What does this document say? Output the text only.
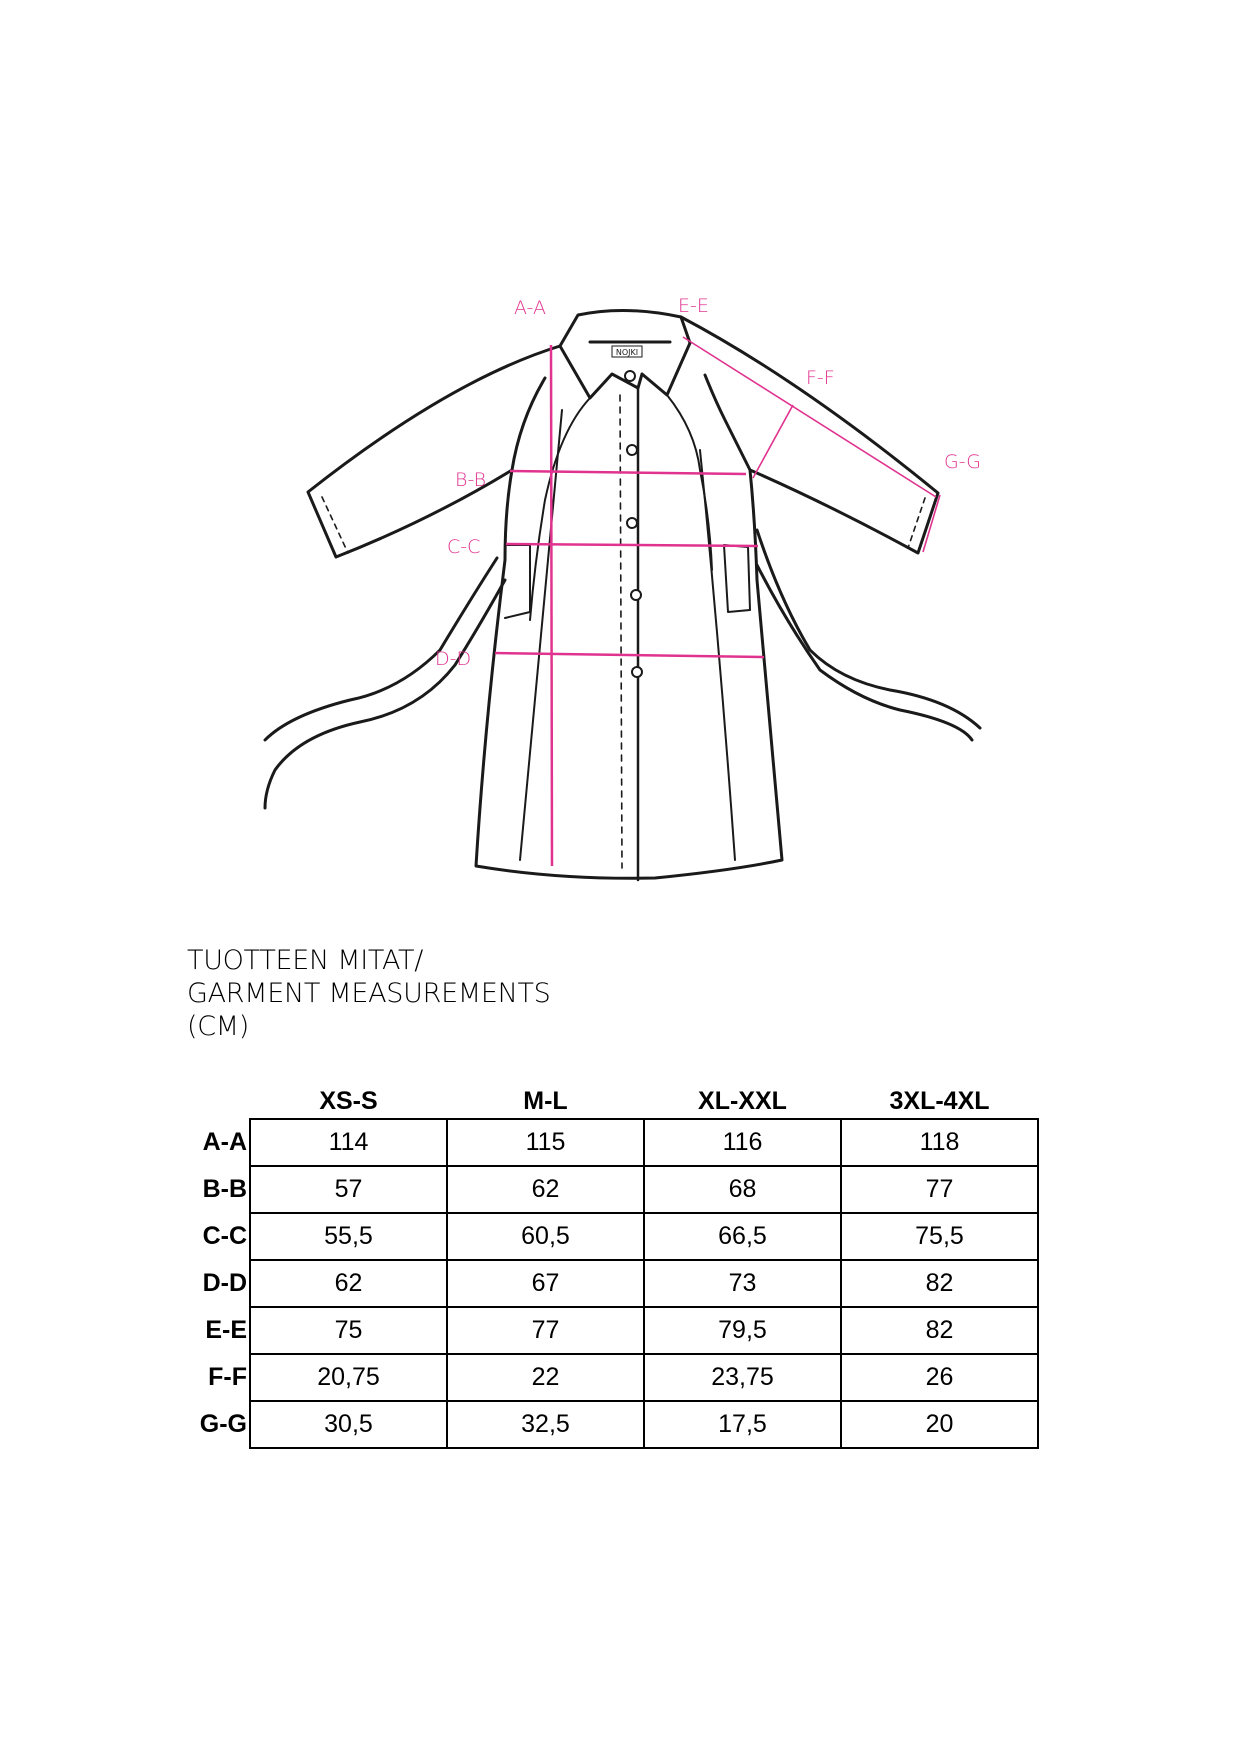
NOJKI
A-A
B-B
C-C
D-D
E-E
F-F
G-G
TUOTTEEN MITAT/
GARMENT MEASUREMENTS
(CM)
	XS-S	M-L	XL-XXL	3XL-4XL
A-A	114	115	116	118
B-B	57	62	68	77
C-C	55,5	60,5	66,5	75,5
D-D	62	67	73	82
E-E	75	77	79,5	82
F-F	20,75	22	23,75	26
G-G	30,5	32,5	17,5	20
